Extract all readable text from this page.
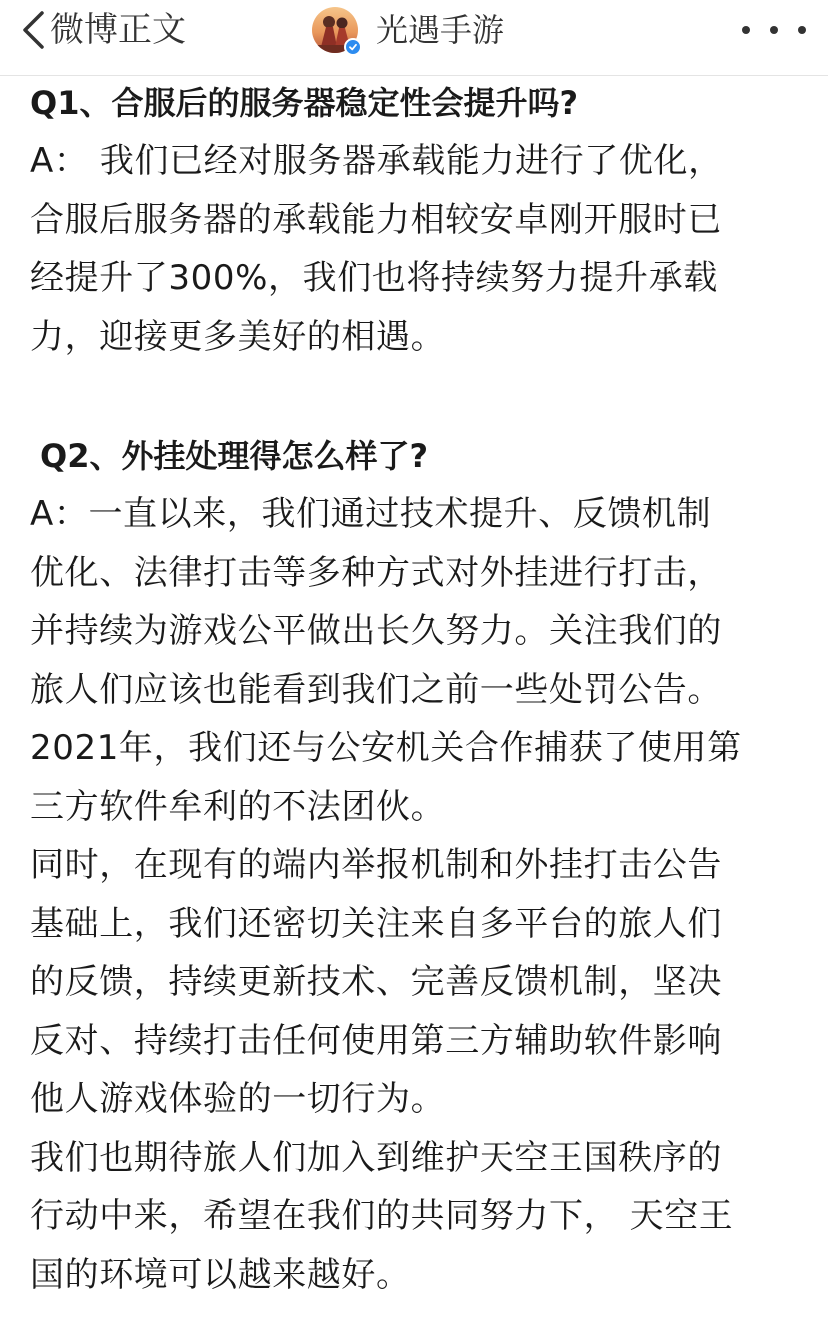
微博正文	光遇手游
Q1、合服后的服务器稳定性会提升吗?
A： 我们已经对服务器承载能力进行了优化，
合服后服务器的承载能力相较安卓刚开服时已
经提升了300%，我们也将持续努力提升承载
力，迎接更多美好的相遇。
Q2、外挂处理得怎么样了?
A：一直以来，我们通过技术提升、反馈机制
优化、法律打击等多种方式对外挂进行打击，
并持续为游戏公平做出长久努力。关注我们的
旅人们应该也能看到我们之前一些处罚公告。
2021年，我们还与公安机关合作捕获了使用第
三方软件牟利的不法团伙。
同时，在现有的端内举报机制和外挂打击公告
基础上，我们还密切关注来自多平台的旅人们
的反馈，持续更新技术、完善反馈机制，坚决
反对、持续打击任何使用第三方辅助软件影响
他人游戏体验的一切行为。
我们也期待旅人们加入到维护天空王国秩序的
行动中来，希望在我们的共同努力下， 天空王
国的环境可以越来越好。
